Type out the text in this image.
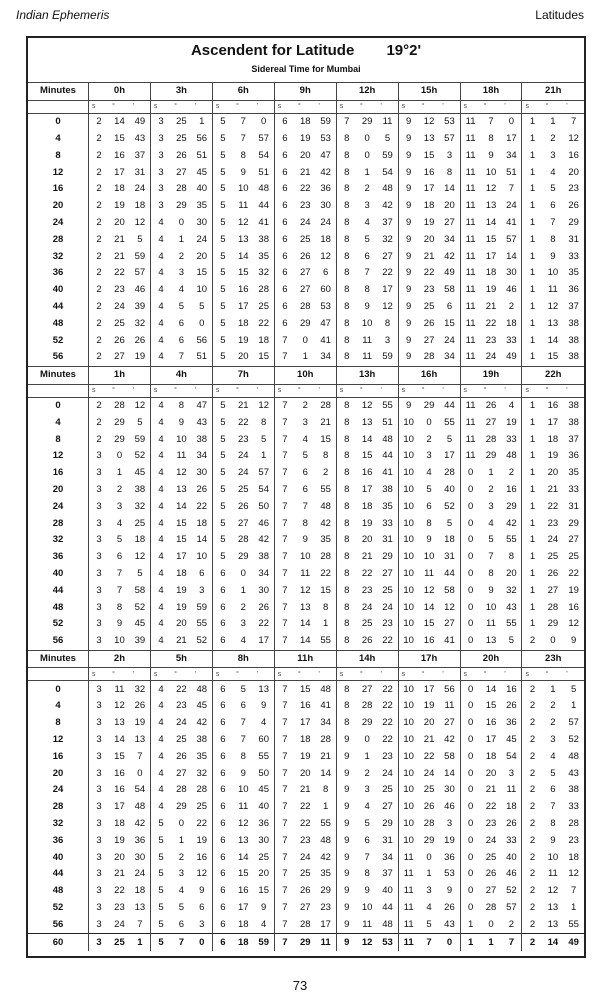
Indian Ephemeris	Latitudes
Ascendent for Latitude 19°2'
Sidereal Time for Mumbai
Minutes	0h			3h			6h			9h			12h			15h			18h			21h		
	s	°	'	s	°	'	s	°	'	s	°	'	s	°	'	s	°	'	s	°	'	s	°	'
0	2	14	49	3	25	1	5	7	0	6	18	59	7	29	11	9	12	53	11	7	0	1	1	7
4	2	15	43	3	25	56	5	7	57	6	19	53	8	0	5	9	13	57	11	8	17	1	2	12
8	2	16	37	3	26	51	5	8	54	6	20	47	8	0	59	9	15	3	11	9	34	1	3	16
12	2	17	31	3	27	45	5	9	51	6	21	42	8	1	54	9	16	8	11	10	51	1	4	20
16	2	18	24	3	28	40	5	10	48	6	22	36	8	2	48	9	17	14	11	12	7	1	5	23
20	2	19	18	3	29	35	5	11	44	6	23	30	8	3	42	9	18	20	11	13	24	1	6	26
24	2	20	12	4	0	30	5	12	41	6	24	24	8	4	37	9	19	27	11	14	41	1	7	29
28	2	21	5	4	1	24	5	13	38	6	25	18	8	5	32	9	20	34	11	15	57	1	8	31
32	2	21	59	4	2	20	5	14	35	6	26	12	8	6	27	9	21	42	11	17	14	1	9	33
36	2	22	57	4	3	15	5	15	32	6	27	6	8	7	22	9	22	49	11	18	30	1	10	35
40	2	23	46	4	4	10	5	16	28	6	27	60	8	8	17	9	23	58	11	19	46	1	11	36
44	2	24	39	4	5	5	5	17	25	6	28	53	8	9	12	9	25	6	11	21	2	1	12	37
48	2	25	32	4	6	0	5	18	22	6	29	47	8	10	8	9	26	15	11	22	18	1	13	38
52	2	26	26	4	6	56	5	19	18	7	0	41	8	11	3	9	27	24	11	23	33	1	14	38
56	2	27	19	4	7	51	5	20	15	7	1	34	8	11	59	9	28	34	11	24	49	1	15	38
Minutes	1h			4h			7h			10h			13h			16h			19h			22h		
	s	°	'	s	°	'	s	°	'	s	°	'	s	°	'	s	°	'	s	°	'	s	°	'
0	2	28	12	4	8	47	5	21	12	7	2	28	8	12	55	9	29	44	11	26	4	1	16	38
4	2	29	5	4	9	43	5	22	8	7	3	21	8	13	51	10	0	55	11	27	19	1	17	38
8	2	29	59	4	10	38	5	23	5	7	4	15	8	14	48	10	2	5	11	28	33	1	18	37
12	3	0	52	4	11	34	5	24	1	7	5	8	8	15	44	10	3	17	11	29	48	1	19	36
16	3	1	45	4	12	30	5	24	57	7	6	2	8	16	41	10	4	28	0	1	2	1	20	35
20	3	2	38	4	13	26	5	25	54	7	6	55	8	17	38	10	5	40	0	2	16	1	21	33
24	3	3	32	4	14	22	5	26	50	7	7	48	8	18	35	10	6	52	0	3	29	1	22	31
28	3	4	25	4	15	18	5	27	46	7	8	42	8	19	33	10	8	5	0	4	42	1	23	29
32	3	5	18	4	15	14	5	28	42	7	9	35	8	20	31	10	9	18	0	5	55	1	24	27
36	3	6	12	4	17	10	5	29	38	7	10	28	8	21	29	10	10	31	0	7	8	1	25	25
40	3	7	5	4	18	6	6	0	34	7	11	22	8	22	27	10	11	44	0	8	20	1	26	22
44	3	7	58	4	19	3	6	1	30	7	12	15	8	23	25	10	12	58	0	9	32	1	27	19
48	3	8	52	4	19	59	6	2	26	7	13	8	8	24	24	10	14	12	0	10	43	1	28	16
52	3	9	45	4	20	55	6	3	22	7	14	1	8	25	23	10	15	27	0	11	55	1	29	12
56	3	10	39	4	21	52	6	4	17	7	14	55	8	26	22	10	16	41	0	13	5	2	0	9
Minutes	2h			5h			8h			11h			14h			17h			20h			23h		
	s	°	'	s	°	'	s	°	'	s	°	'	s	°	'	s	°	'	s	°	'	s	°	'
0	3	11	32	4	22	48	6	5	13	7	15	48	8	27	22	10	17	56	0	14	16	2	1	5
4	3	12	26	4	23	45	6	6	9	7	16	41	8	28	22	10	19	11	0	15	26	2	2	1
8	3	13	19	4	24	42	6	7	4	7	17	34	8	29	22	10	20	27	0	16	36	2	2	57
12	3	14	13	4	25	38	6	7	60	7	18	28	9	0	22	10	21	42	0	17	45	2	3	52
16	3	15	7	4	26	35	6	8	55	7	19	21	9	1	23	10	22	58	0	18	54	2	4	48
20	3	16	0	4	27	32	6	9	50	7	20	14	9	2	24	10	24	14	0	20	3	2	5	43
24	3	16	54	4	28	28	6	10	45	7	21	8	9	3	25	10	25	30	0	21	11	2	6	38
28	3	17	48	4	29	25	6	11	40	7	22	1	9	4	27	10	26	46	0	22	18	2	7	33
32	3	18	42	5	0	22	6	12	36	7	22	55	9	5	29	10	28	3	0	23	26	2	8	28
36	3	19	36	5	1	19	6	13	30	7	23	48	9	6	31	10	29	19	0	24	33	2	9	23
40	3	20	30	5	2	16	6	14	25	7	24	42	9	7	34	11	0	36	0	25	40	2	10	18
44	3	21	24	5	3	12	6	15	20	7	25	35	9	8	37	11	1	53	0	26	46	2	11	12
48	3	22	18	5	4	9	6	16	15	7	26	29	9	9	40	11	3	9	0	27	52	2	12	7
52	3	23	13	5	5	6	6	17	9	7	27	23	9	10	44	11	4	26	0	28	57	2	13	1
56	3	24	7	5	6	3	6	18	4	7	28	17	9	11	48	11	5	43	1	0	2	2	13	55
60	3	25	1	5	7	0	6	18	59	7	29	11	9	12	53	11	7	0	1	1	7	2	14	49
73
